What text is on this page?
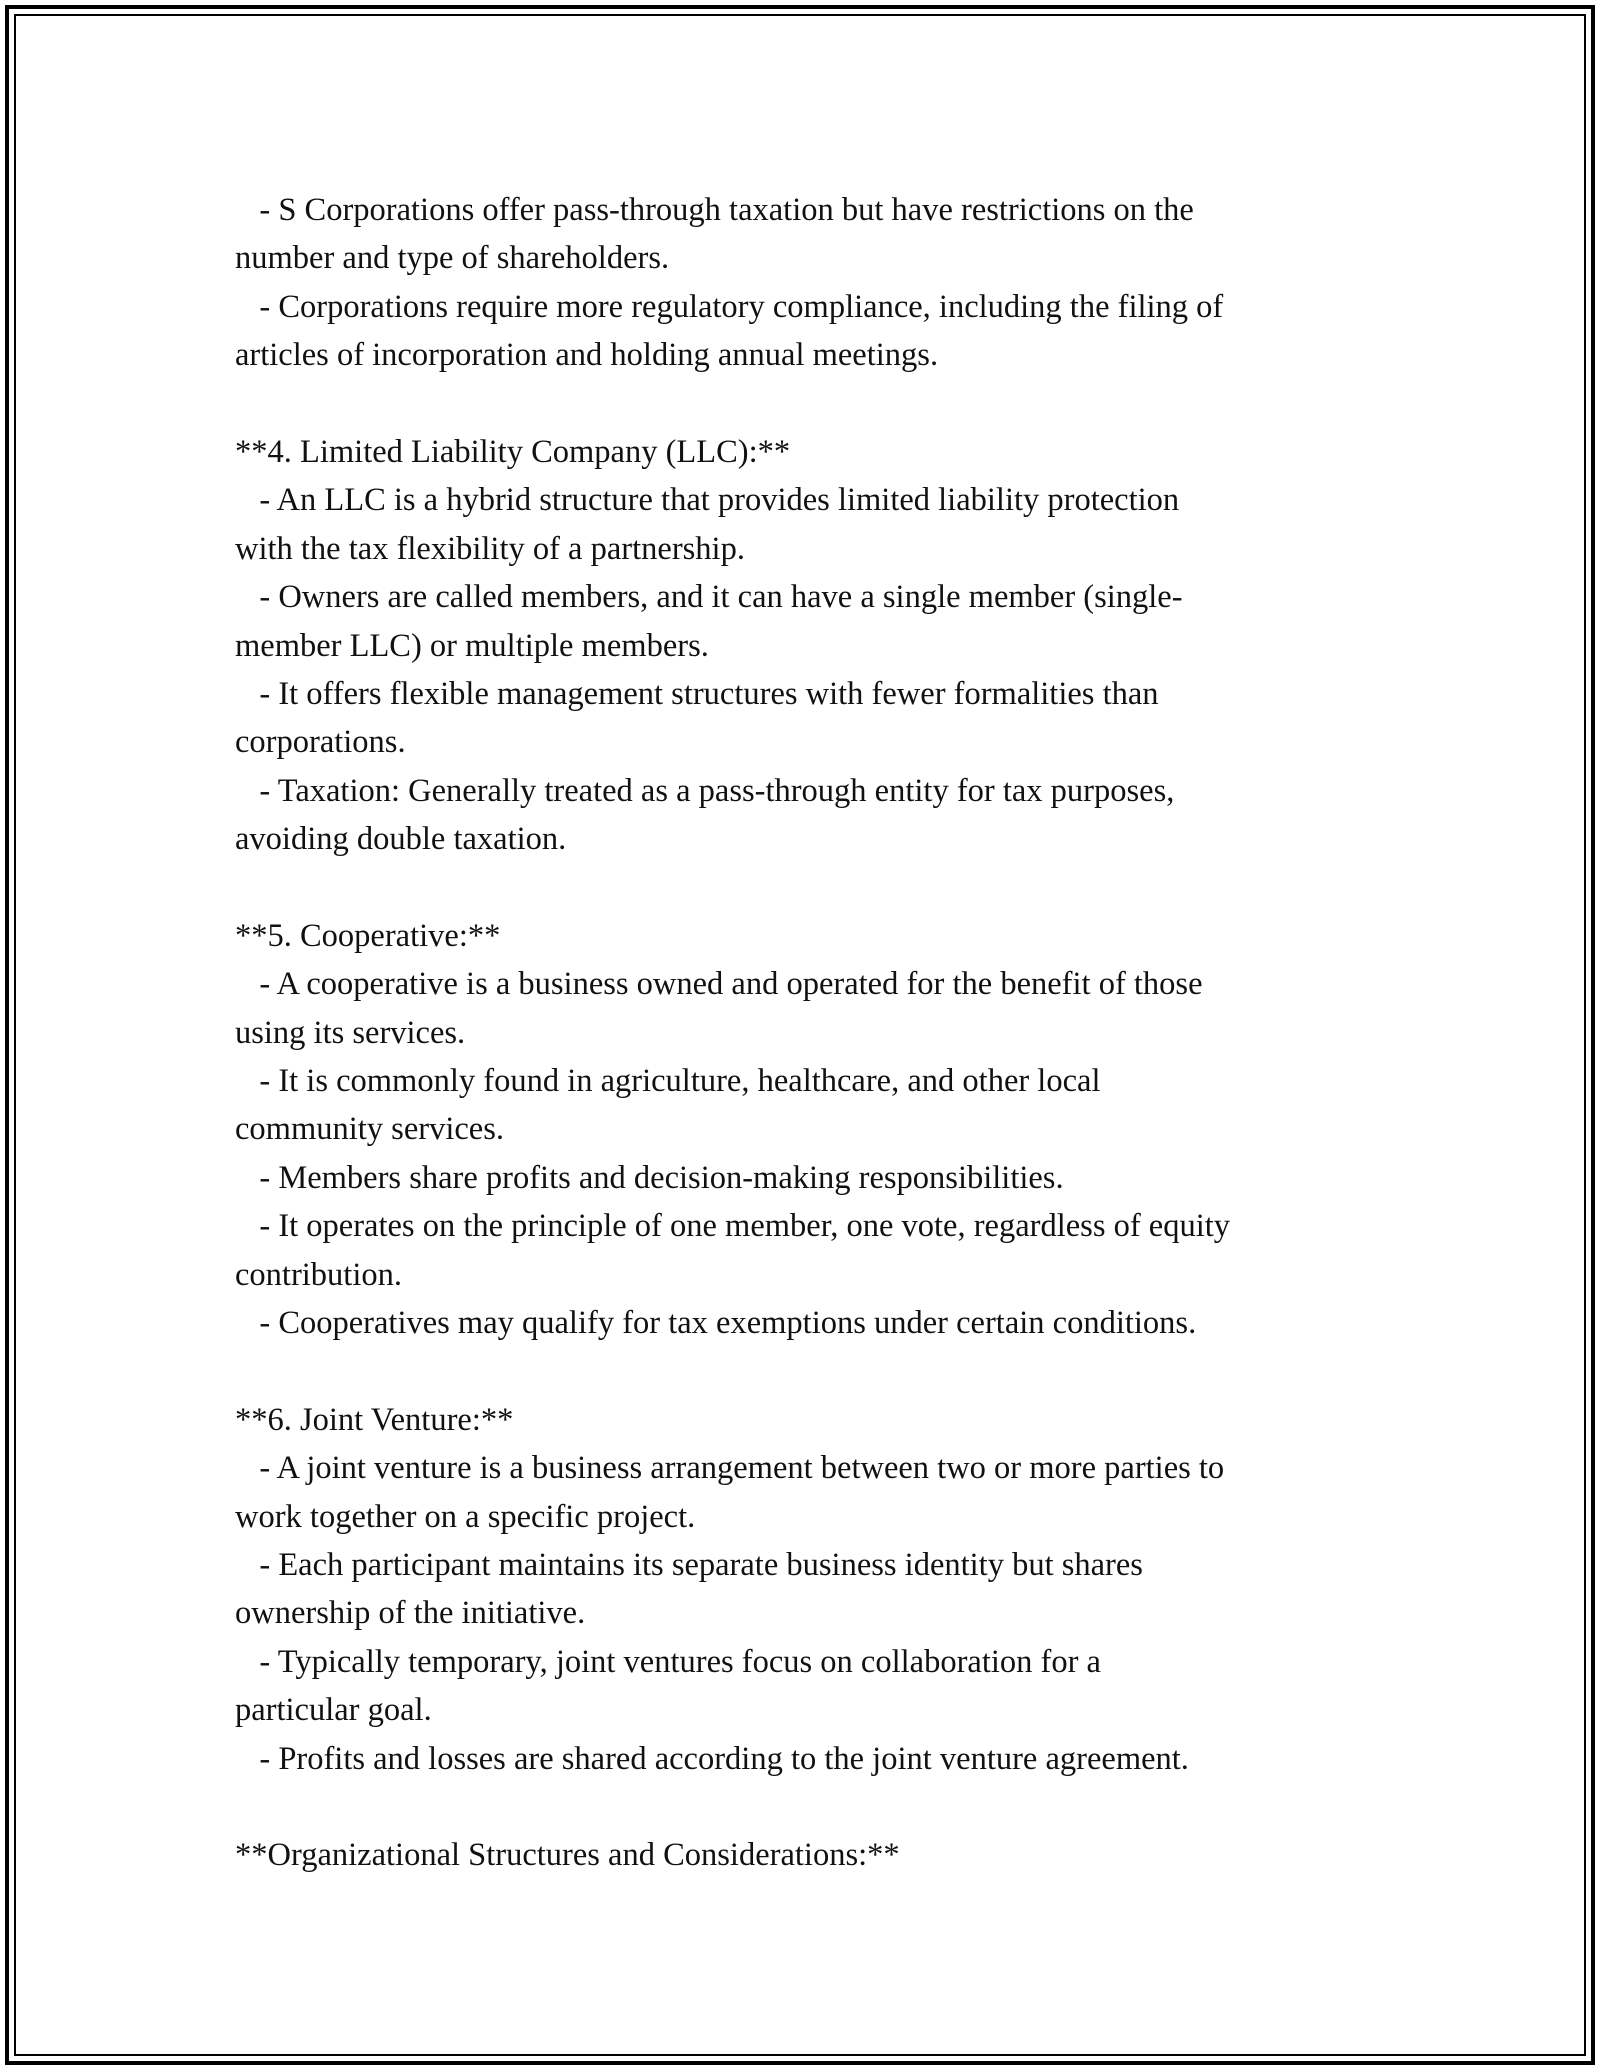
- S Corporations offer pass-through taxation but have restrictions on the
number and type of shareholders.
- Corporations require more regulatory compliance, including the filing of
articles of incorporation and holding annual meetings.
**4. Limited Liability Company (LLC):**
- An LLC is a hybrid structure that provides limited liability protection
with the tax flexibility of a partnership.
- Owners are called members, and it can have a single member (single-
member LLC) or multiple members.
- It offers flexible management structures with fewer formalities than
corporations.
- Taxation: Generally treated as a pass-through entity for tax purposes,
avoiding double taxation.
**5. Cooperative:**
- A cooperative is a business owned and operated for the benefit of those
using its services.
- It is commonly found in agriculture, healthcare, and other local
community services.
- Members share profits and decision-making responsibilities.
- It operates on the principle of one member, one vote, regardless of equity
contribution.
- Cooperatives may qualify for tax exemptions under certain conditions.
**6. Joint Venture:**
- A joint venture is a business arrangement between two or more parties to
work together on a specific project.
- Each participant maintains its separate business identity but shares
ownership of the initiative.
- Typically temporary, joint ventures focus on collaboration for a
particular goal.
- Profits and losses are shared according to the joint venture agreement.
**Organizational Structures and Considerations:**
